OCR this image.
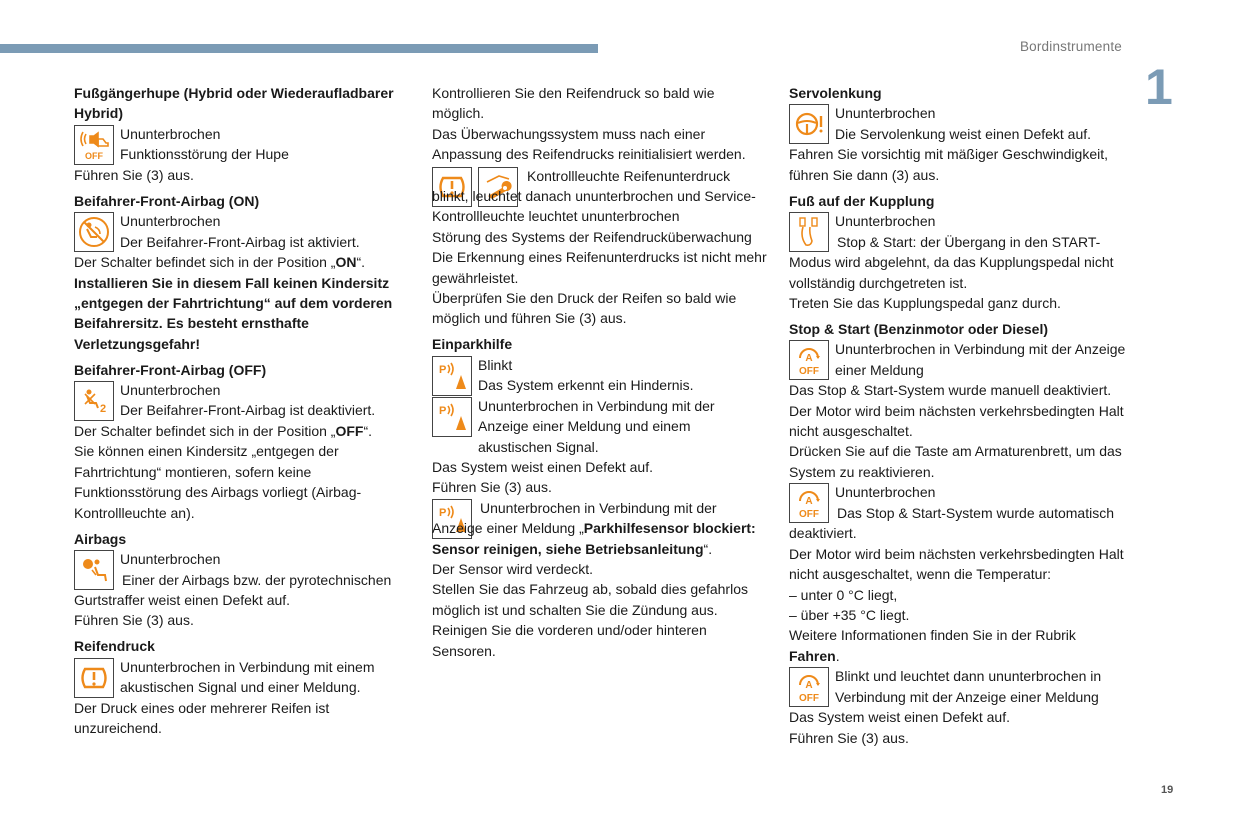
Bordinstrumente
1
Fußgängerhupe (Hybrid oder Wiederaufladbarer Hybrid)
OFF

Ununterbrochen

Funktionsstörung der Hupe

Führen Sie (3) aus.

Beifahrer-Front-Airbag (ON)

Ununterbrochen

Der Beifahrer-Front-Airbag ist aktiviert.

Der Schalter befindet sich in der Position „ON“.

Installieren Sie in diesem Fall keinen Kindersitz „entgegen der Fahrtrichtung“ auf dem vorderen Beifahrersitz. Es besteht ernsthafte Verletzungsgefahr!

Beifahrer-Front-Airbag (OFF)
2

Ununterbrochen

Der Beifahrer-Front-Airbag ist deaktiviert.

Der Schalter befindet sich in der Position „OFF“.

Sie können einen Kindersitz „entgegen der Fahrtrichtung“ montieren, sofern keine Funktionsstörung des Airbags vorliegt (Airbag-Kontrollleuchte an).

Airbags

Ununterbrochen

Einer der Airbags bzw. der pyrotechnischen Gurtstraffer weist einen Defekt auf.

Führen Sie (3) aus.

Reifendruck

Ununterbrochen in Verbindung mit einem akustischen Signal und einer Meldung.

Der Druck eines oder mehrerer Reifen ist unzureichend.

Kontrollieren Sie den Reifendruck so bald wie möglich.

Das Überwachungssystem muss nach einer Anpassung des Reifendrucks reinitialisiert werden.

Kontrollleuchte Reifenunterdruck blinkt, leuchtet danach ununterbrochen und Service-Kontrollleuchte leuchtet ununterbrochen

Störung des Systems der Reifendrucküberwachung

Die Erkennung eines Reifenunterdrucks ist nicht mehr gewährleistet.

Überprüfen Sie den Druck der Reifen so bald wie möglich und führen Sie (3) aus.

Einparkhilfe
P Blinkt

Das System erkennt ein Hindernis.

P Ununterbrochen in Verbindung mit der Anzeige einer Meldung und einem akustischen Signal.

Das System weist einen Defekt auf.

Führen Sie (3) aus.

P	Ununterbrochen in Verbindung mit der Anzeige einer Meldung „Parkhilfesensor blockiert: Sensor reinigen, siehe Betriebsanleitung“.

Der Sensor wird verdeckt.

Stellen Sie das Fahrzeug ab, sobald dies gefahrlos möglich ist und schalten Sie die Zündung aus.

Reinigen Sie die vorderen und/oder hinteren Sensoren.

Servolenkung

Ununterbrochen

Die Servolenkung weist einen Defekt auf.

Fahren Sie vorsichtig mit mäßiger Geschwindigkeit, führen Sie dann (3) aus.

Fuß auf der Kupplung

Ununterbrochen

Stop & Start: der Übergang in den START-Modus wird abgelehnt, da das Kupplungspedal nicht vollständig durchgetreten ist.

Treten Sie das Kupplungspedal ganz durch.

Stop & Start (Benzinmotor oder Diesel)
A
OFF

Ununterbrochen in Verbindung mit der Anzeige einer Meldung

Das Stop & Start-System wurde manuell deaktiviert.

Der Motor wird beim nächsten verkehrsbedingten Halt nicht ausgeschaltet.

Drücken Sie auf die Taste am Armaturenbrett, um das System zu reaktivieren.

A
OFF

Ununterbrochen

Das Stop & Start-System wurde automatisch deaktiviert.

Der Motor wird beim nächsten verkehrsbedingten Halt nicht ausgeschaltet, wenn die Temperatur:

– unter 0 °C liegt,

– über +35 °C liegt.

Weitere Informationen finden Sie in der Rubrik Fahren.

A
OFF

Blinkt und leuchtet dann ununterbrochen in Verbindung mit der Anzeige einer Meldung

Das System weist einen Defekt auf.

Führen Sie (3) aus.

19
